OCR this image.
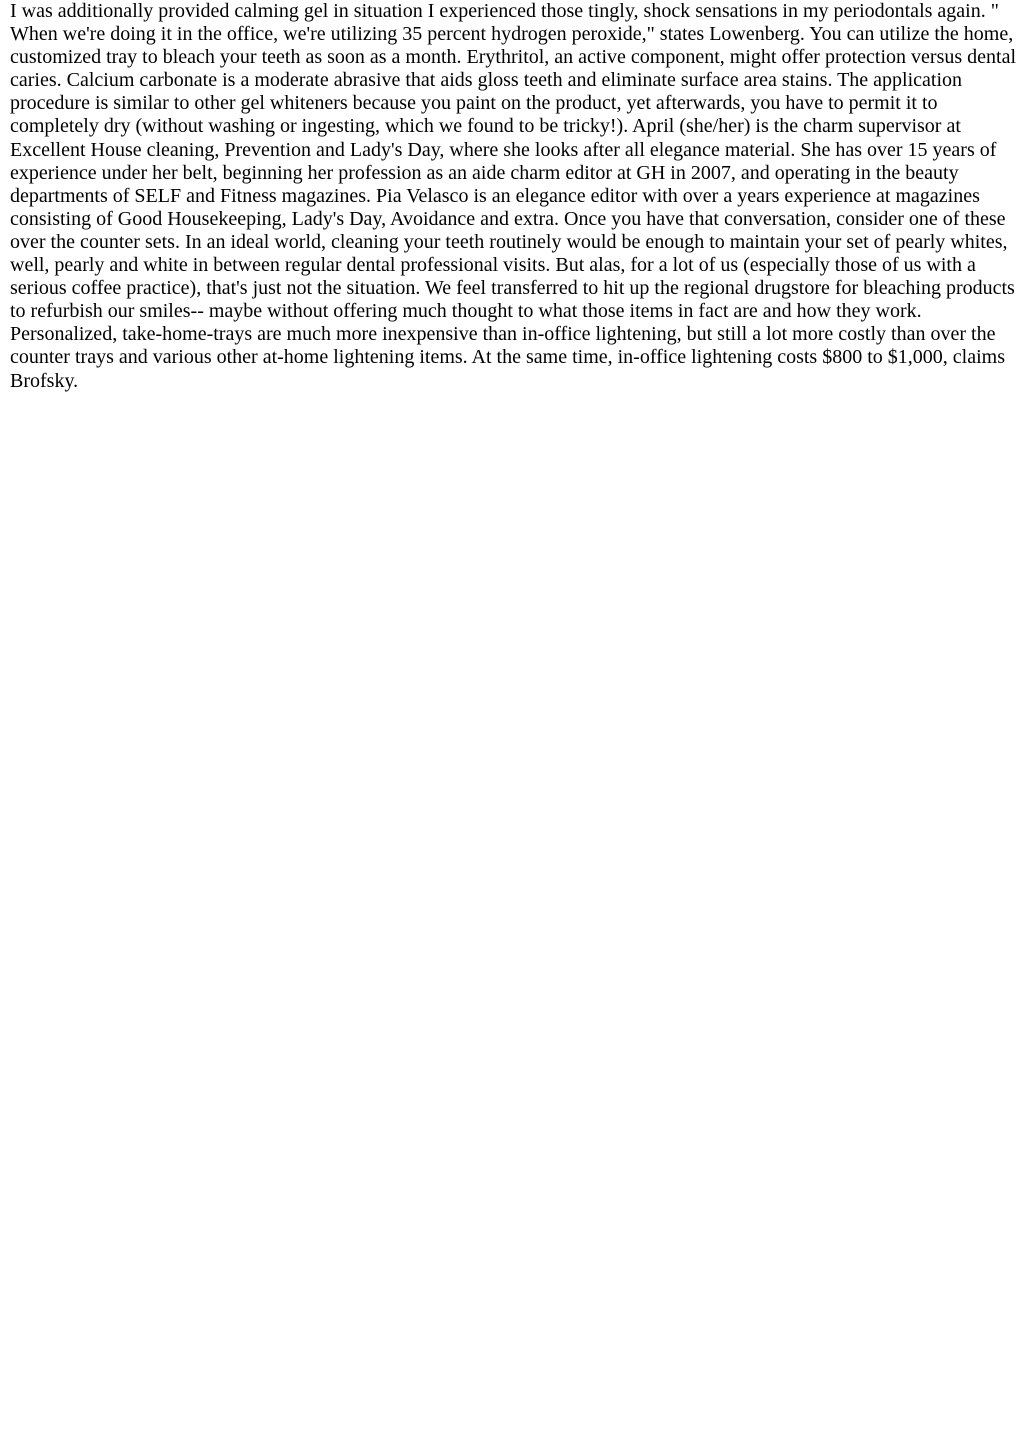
I was additionally provided calming gel in situation I experienced those tingly, shock sensations in my periodontals again. " When we're doing it in the office, we're utilizing 35 percent hydrogen peroxide," states Lowenberg. You can utilize the home, customized tray to bleach your teeth as soon as a month. Erythritol, an active component, might offer protection versus dental caries. Calcium carbonate is a moderate abrasive that aids gloss teeth and eliminate surface area stains. The application procedure is similar to other gel whiteners because you paint on the product, yet afterwards, you have to permit it to completely dry (without washing or ingesting, which we found to be tricky!). April (she/her) is the charm supervisor at Excellent House cleaning, Prevention and Lady's Day, where she looks after all elegance material. She has over 15 years of experience under her belt, beginning her profession as an aide charm editor at GH in 2007, and operating in the beauty departments of SELF and Fitness magazines. Pia Velasco is an elegance editor with over a years experience at magazines consisting of Good Housekeeping, Lady's Day, Avoidance and extra. Once you have that conversation, consider one of these over the counter sets. In an ideal world, cleaning your teeth routinely would be enough to maintain your set of pearly whites, well, pearly and white in between regular dental professional visits. But alas, for a lot of us (especially those of us with a serious coffee practice), that's just not the situation. We feel transferred to hit up the regional drugstore for bleaching products to refurbish our smiles-- maybe without offering much thought to what those items in fact are and how they work. Personalized, take-home-trays are much more inexpensive than in-office lightening, but still a lot more costly than over the counter trays and various other at-home lightening items. At the same time, in-office lightening costs $800 to $1,000, claims Brofsky.
